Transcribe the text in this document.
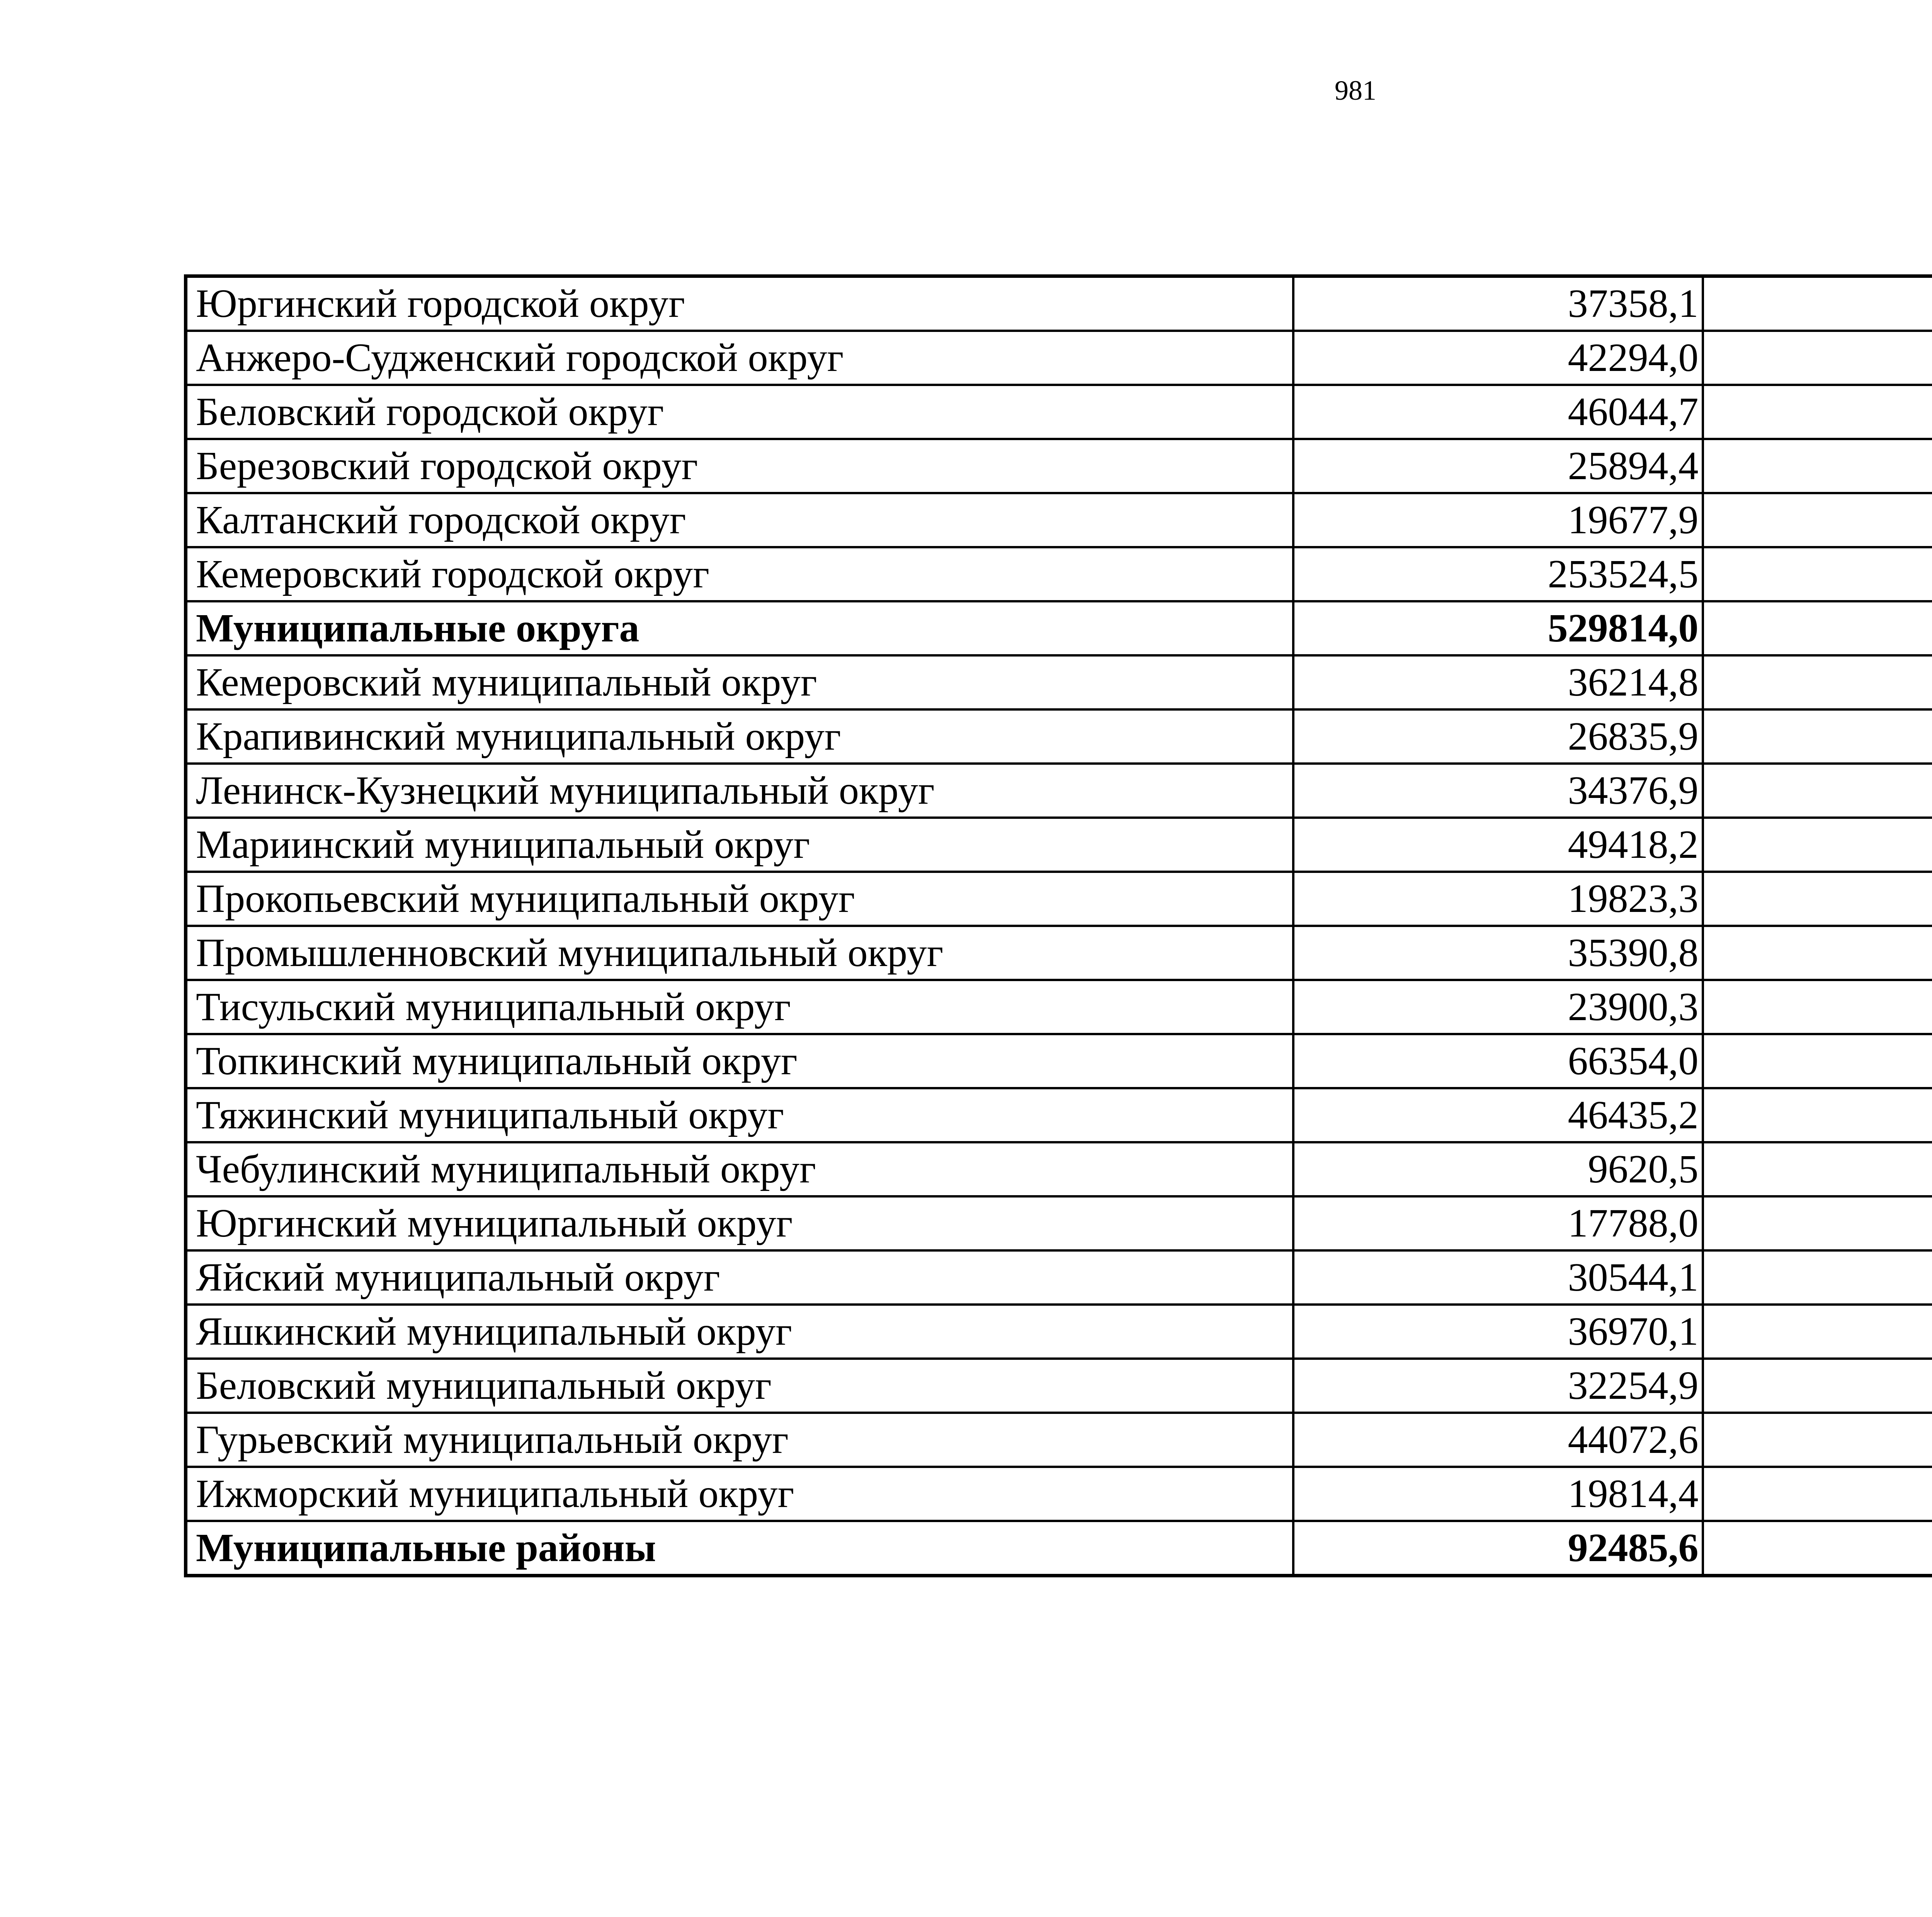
981
Юргинский городской округ	37358,1		
Анжеро-Судженский городской округ	42294,0		
Беловский городской округ	46044,7		
Березовский городской округ	25894,4		
Калтанский городской округ	19677,9		
Кемеровский городской округ	253524,5		
Муниципальные округа	529814,0		
Кемеровский муниципальный округ	36214,8		
Крапивинский муниципальный округ	26835,9		
Ленинск-Кузнецкий муниципальный округ	34376,9		
Мариинский муниципальный округ	49418,2		
Прокопьевский муниципальный округ	19823,3		
Промышленновский муниципальный округ	35390,8		
Тисульский муниципальный округ	23900,3		
Топкинский муниципальный округ	66354,0		
Тяжинский муниципальный округ	46435,2		
Чебулинский муниципальный округ	9620,5		
Юргинский муниципальный округ	17788,0		
Яйский муниципальный округ	30544,1		
Яшкинский муниципальный округ	36970,1		
Беловский муниципальный округ	32254,9		
Гурьевский муниципальный округ	44072,6		
Ижморский муниципальный округ	19814,4		
Муниципальные районы	92485,6		
